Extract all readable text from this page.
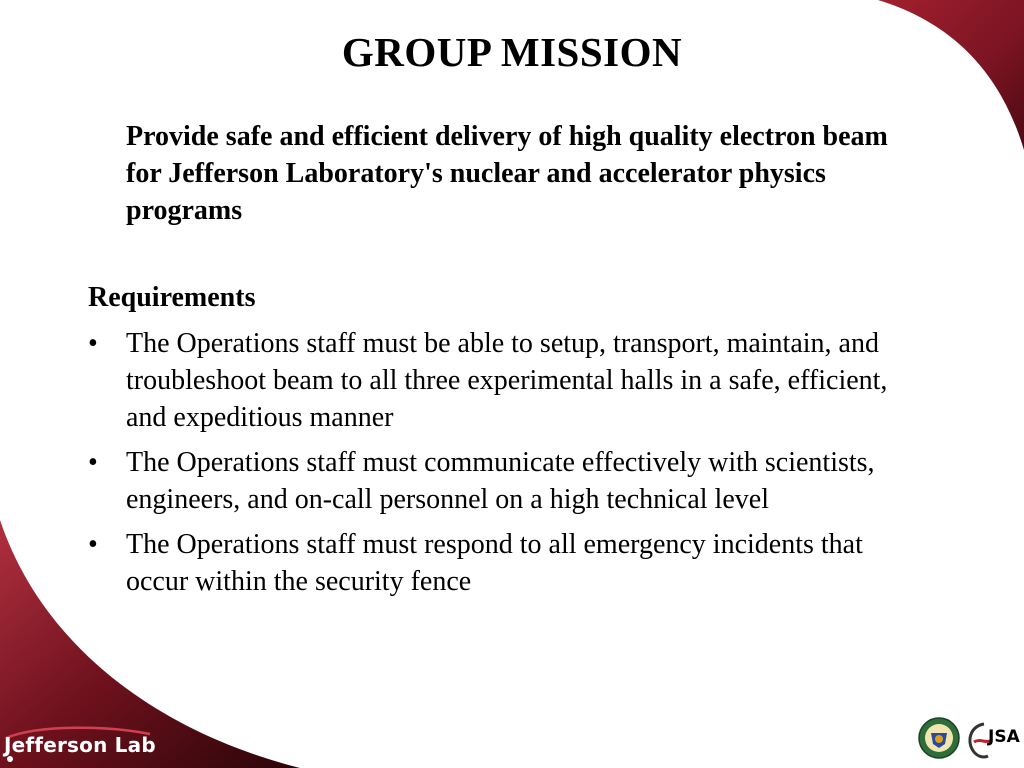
GROUP MISSION
Provide safe and efficient delivery of high quality electron beam for Jefferson Laboratory's nuclear and accelerator physics programs
Requirements
•	The Operations staff must be able to setup, transport, maintain, and troubleshoot beam to all three experimental halls in a safe, efficient, and expeditious manner
•	The Operations staff must communicate effectively with scientists, engineers, and on-call personnel on a high technical level
•	The Operations staff must respond to all emergency incidents that occur within the security fence
Jefferson Lab	JSA
